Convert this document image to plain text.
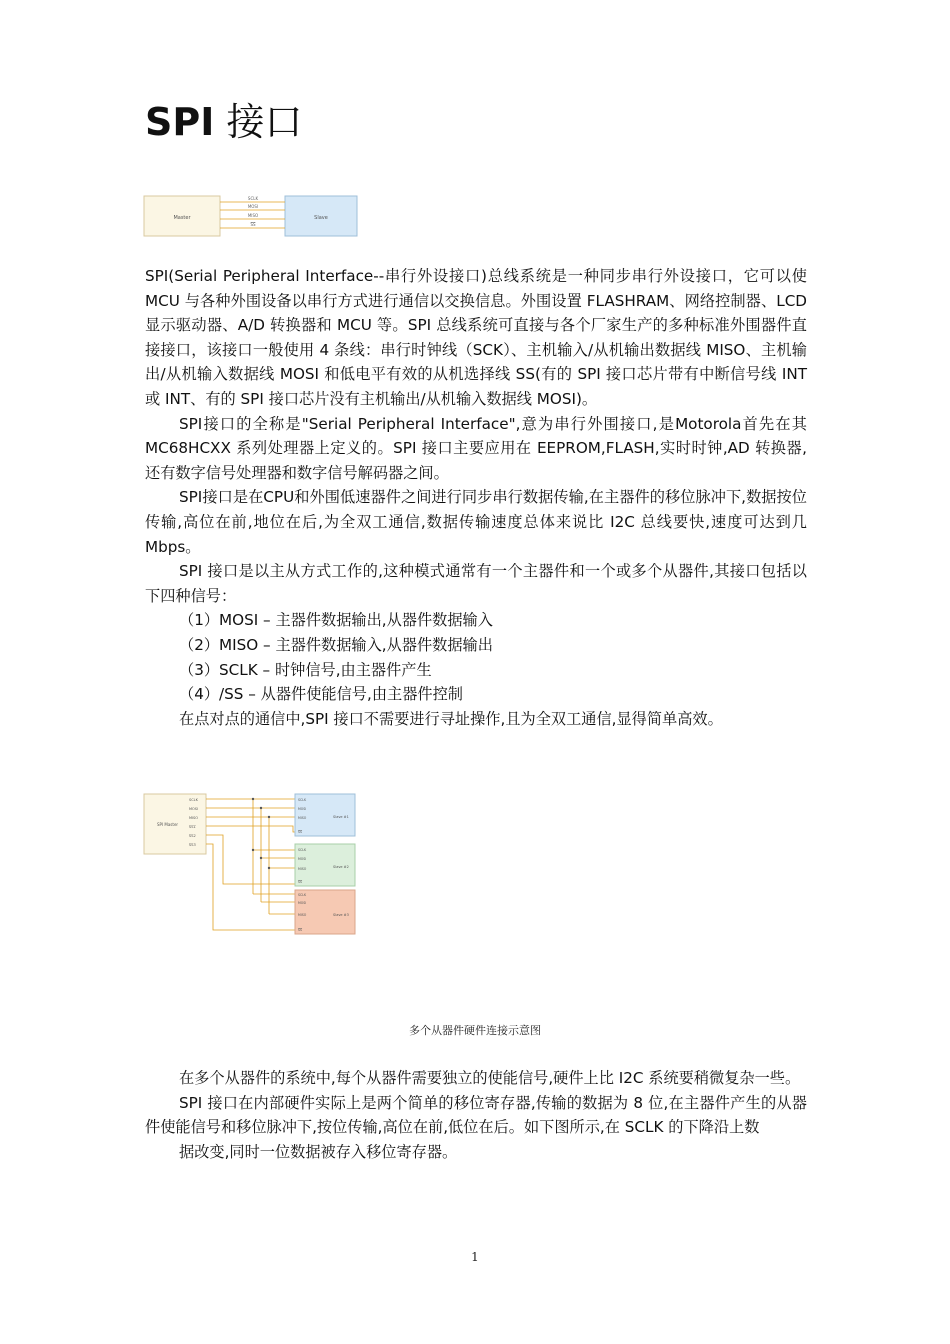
SPI 接口
Master	Slave
SCLK
MOSI
MISO
SS

SPI(Serial Peripheral Interface--串行外设接口)总线系统是一种同步串行外设接口，它可以使 MCU 与各种外围设备以串行方式进行通信以交换信息。外围设置 FLASHRAM、网络控制器、LCD 显示驱动器、A/D 转换器和 MCU 等。SPI 总线系统可直接与各个厂家生产的多种标准外围器件直接接口，该接口一般使用 4 条线：串行时钟线（SCK）、主机输入/从机输出数据线 MISO、主机输出/从机输入数据线 MOSI 和低电平有效的从机选择线 SS(有的 SPI 接口芯片带有中断信号线 INT 或 INT、有的 SPI 接口芯片没有主机输出/从机输入数据线 MOSI)。

SPI接口的全称是"Serial Peripheral Interface",意为串行外围接口,是Motorola首先在其 MC68HCXX 系列处理器上定义的。SPI 接口主要应用在 EEPROM,FLASH,实时时钟,AD 转换器,还有数字信号处理器和数字信号解码器之间。

SPI接口是在CPU和外围低速器件之间进行同步串行数据传输,在主器件的移位脉冲下,数据按位传输,高位在前,地位在后,为全双工通信,数据传输速度总体来说比 I2C 总线要快,速度可达到几 Mbps。

SPI 接口是以主从方式工作的,这种模式通常有一个主器件和一个或多个从器件,其接口包括以下四种信号：

（1）MOSI – 主器件数据输出,从器件数据输入

（2）MISO – 主器件数据输入,从器件数据输出

（3）SCLK – 时钟信号,由主器件产生

（4）/SS – 从器件使能信号,由主器件控制

在点对点的通信中,SPI 接口不需要进行寻址操作,且为全双工通信,显得简单高效。

SPI Master
SCLK
MOSI
MISO
SS1
SS2
SS3
Slave #1
SCLK
MOSI
MISO
SS
Slave #2
SCLK
MOSI
MISO
SS
Slave #3
SCLK
MOSI
MISO
SS
多个从器件硬件连接示意图

在多个从器件的系统中,每个从器件需要独立的使能信号,硬件上比 I2C 系统要稍微复杂一些。

SPI 接口在内部硬件实际上是两个简单的移位寄存器,传输的数据为 8 位,在主器件产生的从器件使能信号和移位脉冲下,按位传输,高位在前,低位在后。如下图所示,在 SCLK 的下降沿上数

据改变,同时一位数据被存入移位寄存器。

1
